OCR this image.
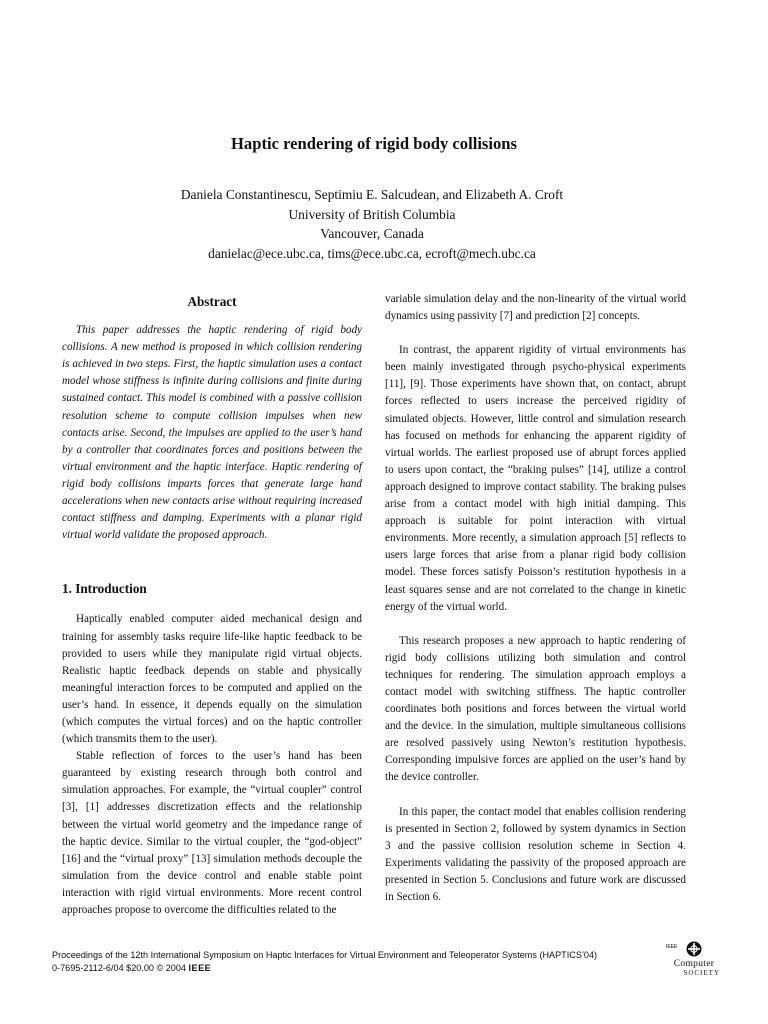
Haptic rendering of rigid body collisions
Daniela Constantinescu, Septimiu E. Salcudean, and Elizabeth A. Croft
University of British Columbia
Vancouver, Canada
danielac@ece.ubc.ca, tims@ece.ubc.ca, ecroft@mech.ubc.ca
Abstract

This paper addresses the haptic rendering of rigid body collisions. A new method is proposed in which collision rendering is achieved in two steps. First, the haptic simulation uses a contact model whose stiffness is infinite during collisions and finite during sustained contact. This model is combined with a passive collision resolution scheme to compute collision impulses when new contacts arise. Second, the impulses are applied to the user’s hand by a controller that coordinates forces and positions between the virtual environment and the haptic interface. Haptic rendering of rigid body collisions imparts forces that generate large hand accelerations when new contacts arise without requiring increased contact stiffness and damping. Experiments with a planar rigid virtual world validate the proposed approach.

1. Introduction

Haptically enabled computer aided mechanical design and training for assembly tasks require life-like haptic feedback to be provided to users while they manipulate rigid virtual objects. Realistic haptic feedback depends on stable and physically meaningful interaction forces to be computed and applied on the user’s hand. In essence, it depends equally on the simulation (which computes the virtual forces) and on the haptic controller (which transmits them to the user).

Stable reflection of forces to the user’s hand has been guaranteed by existing research through both control and simulation approaches. For example, the “virtual coupler” control [3], [1] addresses discretization effects and the relationship between the virtual world geometry and the impedance range of the haptic device. Similar to the virtual coupler, the “god-object” [16] and the “virtual proxy” [13] simulation methods decouple the simulation from the device control and enable stable point interaction with rigid virtual environments. More recent control approaches propose to overcome the difficulties related to the

variable simulation delay and the non-linearity of the virtual world dynamics using passivity [7] and prediction [2] concepts.

In contrast, the apparent rigidity of virtual environments has been mainly investigated through psycho-physical experiments [11], [9]. Those experiments have shown that, on contact, abrupt forces reflected to users increase the perceived rigidity of simulated objects. However, little control and simulation research has focused on methods for enhancing the apparent rigidity of virtual worlds. The earliest proposed use of abrupt forces applied to users upon contact, the “braking pulses” [14], utilize a control approach designed to improve contact stability. The braking pulses arise from a contact model with high initial damping. This approach is suitable for point interaction with virtual environments. More recently, a simulation approach [5] reflects to users large forces that arise from a planar rigid body collision model. These forces satisfy Poisson’s restitution hypothesis in a least squares sense and are not correlated to the change in kinetic energy of the virtual world.

This research proposes a new approach to haptic rendering of rigid body collisions utilizing both simulation and control techniques for rendering. The simulation approach employs a contact model with switching stiffness. The haptic controller coordinates both positions and forces between the virtual world and the device. In the simulation, multiple simultaneous collisions are resolved passively using Newton’s restitution hypothesis. Corresponding impulsive forces are applied on the user’s hand by the device controller.

In this paper, the contact model that enables collision rendering is presented in Section 2, followed by system dynamics in Section 3 and the passive collision resolution scheme in Section 4. Experiments validating the passivity of the proposed approach are presented in Section 5. Conclusions and future work are discussed in Section 6.

Proceedings of the 12th International Symposium on Haptic Interfaces for Virtual Environment and Teleoperator Systems (HAPTICS’04)
0-7695-2112-6/04 $20.00 © 2004 IEEE
IEEE
Computer
SOCIETY
